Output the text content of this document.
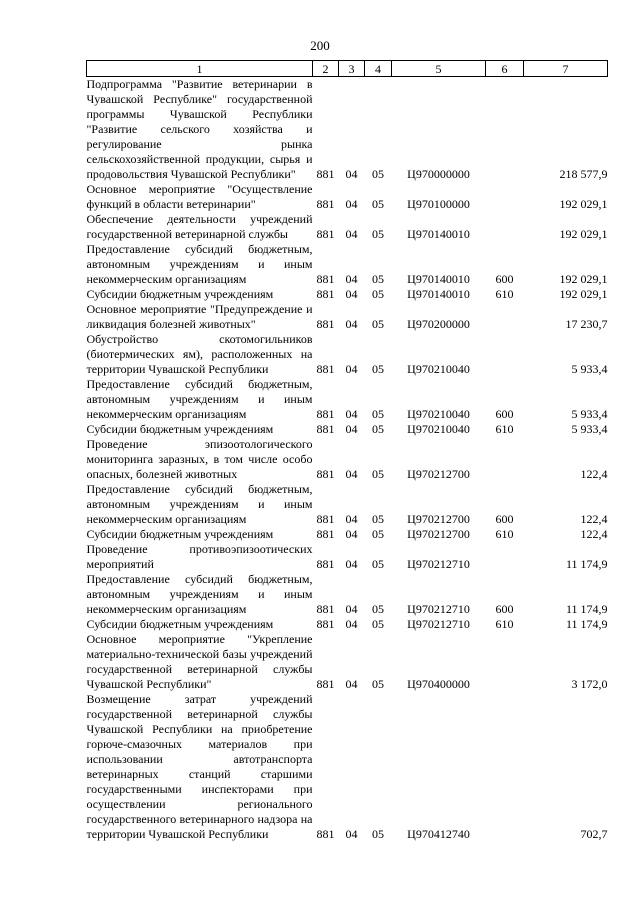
200
1	2	3	4	5	6	7
Подпрограмма "Развитие ветеринарии в Чувашской Республике" государственной программы Чувашской Республики "Развитие сельского хозяйства и регулирование рынка сельскохозяйственной продукции, сырья и продовольствия Чувашской Республики"	881	04	05	Ц970000000		218 577,9
Основное мероприятие "Осуществление функций в области ветеринарии"	881	04	05	Ц970100000		192 029,1
Обеспечение деятельности учреждений государственной ветеринарной службы	881	04	05	Ц970140010		192 029,1
Предоставление субсидий бюджетным, автономным учреждениям и иным некоммерческим организациям	881	04	05	Ц970140010	600	192 029,1
Субсидии бюджетным учреждениям	881	04	05	Ц970140010	610	192 029,1
Основное мероприятие "Предупреждение и ликвидация болезней животных"	881	04	05	Ц970200000		17 230,7
Обустройство скотомогильников (биотермических ям), расположенных на территории Чувашской Республики	881	04	05	Ц970210040		5 933,4
Предоставление субсидий бюджетным, автономным учреждениям и иным некоммерческим организациям	881	04	05	Ц970210040	600	5 933,4
Субсидии бюджетным учреждениям	881	04	05	Ц970210040	610	5 933,4
Проведение эпизоотологического мониторинга заразных, в том числе особо опасных, болезней животных	881	04	05	Ц970212700		122,4
Предоставление субсидий бюджетным, автономным учреждениям и иным некоммерческим организациям	881	04	05	Ц970212700	600	122,4
Субсидии бюджетным учреждениям	881	04	05	Ц970212700	610	122,4
Проведение противоэпизоотических мероприятий	881	04	05	Ц970212710		11 174,9
Предоставление субсидий бюджетным, автономным учреждениям и иным некоммерческим организациям	881	04	05	Ц970212710	600	11 174,9
Субсидии бюджетным учреждениям	881	04	05	Ц970212710	610	11 174,9
Основное мероприятие "Укрепление материально-технической базы учреждений государственной ветеринарной службы Чувашской Республики"	881	04	05	Ц970400000		3 172,0
Возмещение затрат учреждений государственной ветеринарной службы Чувашской Республики на приобретение горюче-смазочных материалов при использовании автотранспорта ветеринарных станций старшими государственными инспекторами при осуществлении регионального государственного ветеринарного надзора на территории Чувашской Республики	881	04	05	Ц970412740		702,7
